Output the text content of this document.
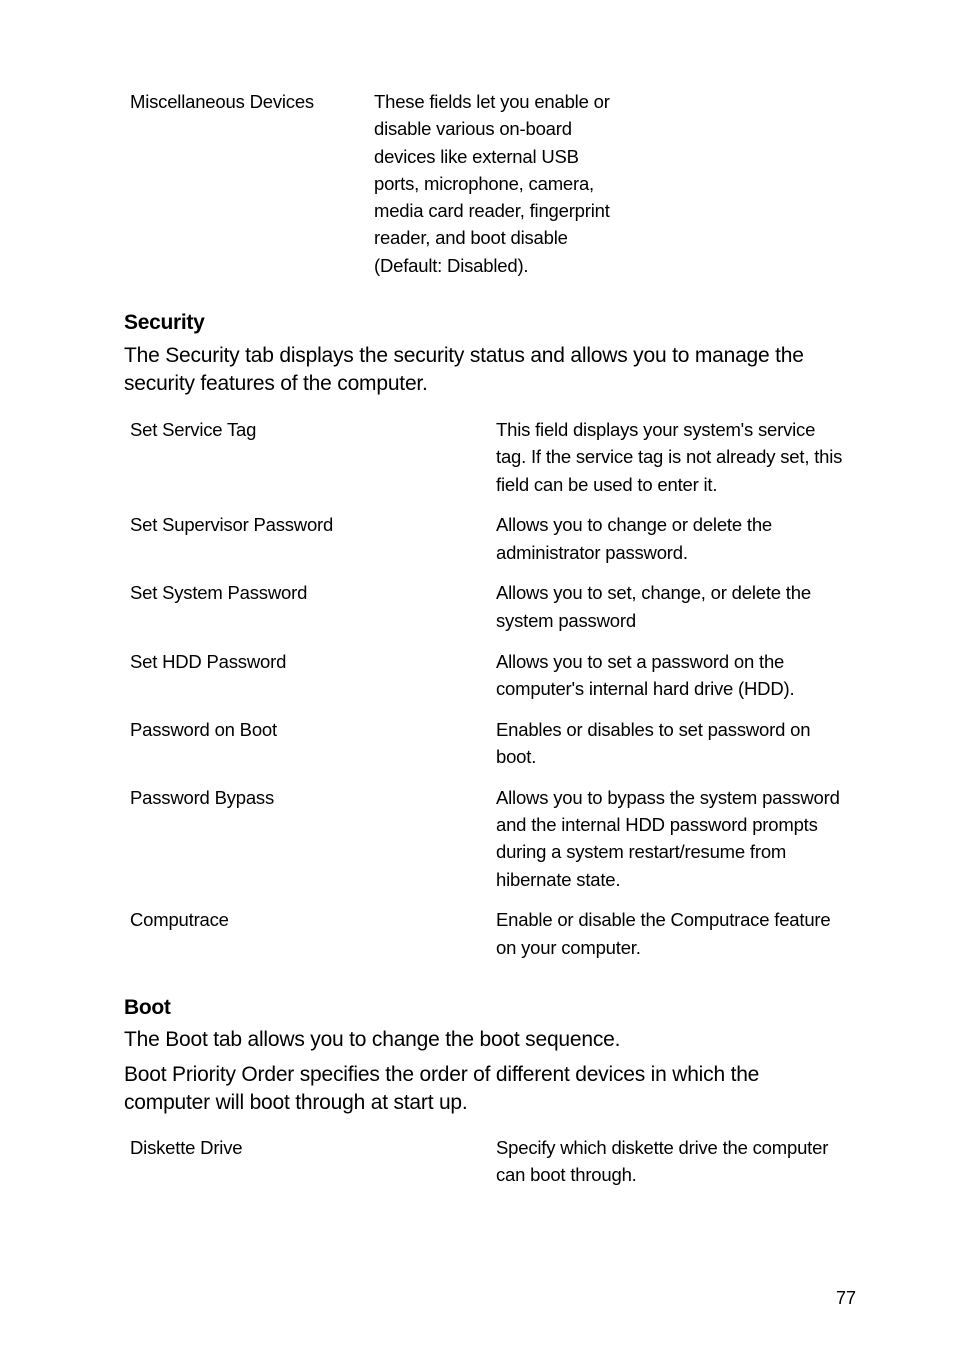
Miscellaneous Devices	These fields let you enable or disable various on-board devices like external USB ports, microphone, camera, media card reader, fingerprint reader, and boot disable (Default: Disabled).
Security
The Security tab displays the security status and allows you to manage the security features of the computer.
Set Service Tag	This field displays your system's service tag. If the service tag is not already set, this field can be used to enter it.
Set Supervisor Password	Allows you to change or delete the administrator password.
Set System Password	Allows you to set, change, or delete the system password
Set HDD Password	Allows you to set a password on the computer's internal hard drive (HDD).
Password on Boot	Enables or disables to set password on boot.
Password Bypass	Allows you to bypass the system password and the internal HDD password prompts during a system restart/resume from hibernate state.
Computrace	Enable or disable the Computrace feature on your computer.
Boot
The Boot tab allows you to change the boot sequence.
Boot Priority Order specifies the order of different devices in which the computer will boot through at start up.
Diskette Drive	Specify which diskette drive the computer can boot through.
77
